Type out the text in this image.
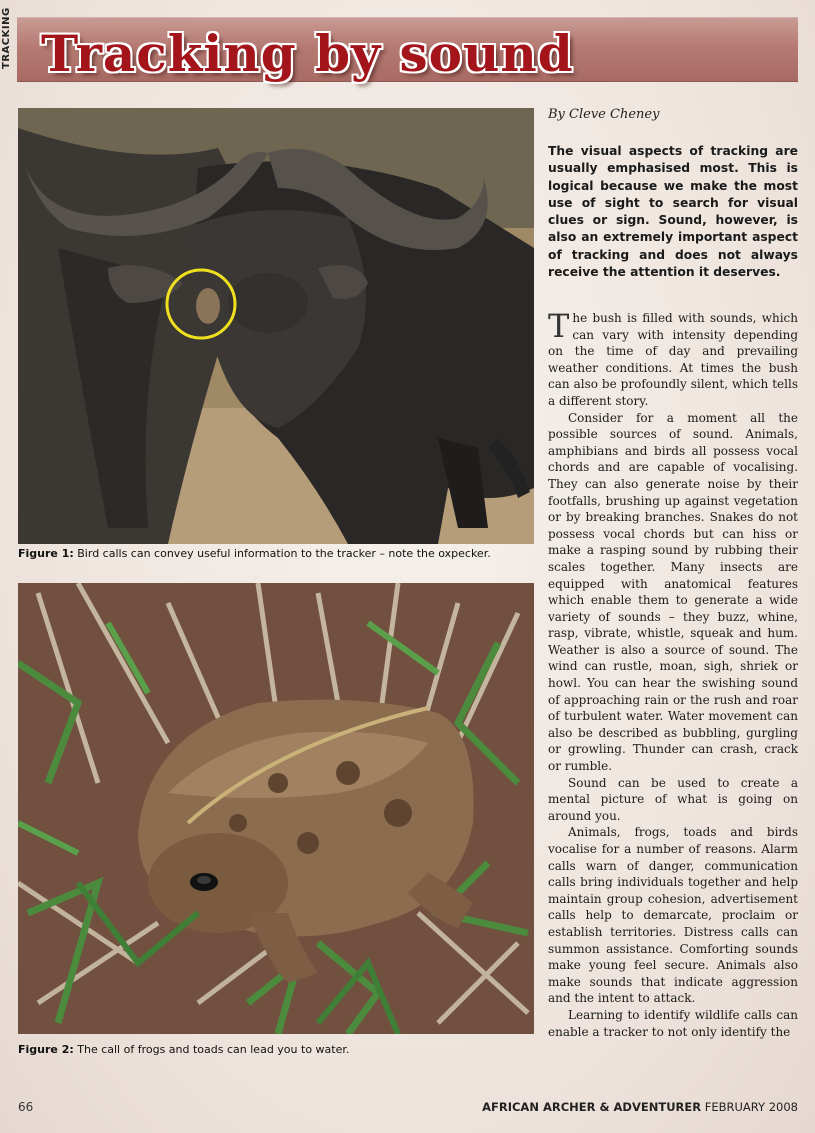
TRACKING Tracking by sound
Figure 1: Bird calls can convey useful information to the tracker – note the oxpecker.
Figure 2: The call of frogs and toads can lead you to water.
By Cleve Cheney
The visual aspects of tracking are usually emphasised most. This is logical because we make the most use of sight to search for visual clues or sign. Sound, however, is also an extremely important aspect of tracking and does not always receive the attention it deserves.

The bush is filled with sounds, which can vary with intensity depending on the time of day and prevailing weather conditions. At times the bush can also be profoundly silent, which tells a different story.

Consider for a moment all the possible sources of sound. Animals, amphibians and birds all possess vocal chords and are capable of vocalising. They can also generate noise by their footfalls, brushing up against vegetation or by breaking branches. Snakes do not possess vocal chords but can hiss or make a rasping sound by rubbing their scales together. Many insects are equipped with anatomical features which enable them to generate a wide variety of sounds – they buzz, whine, rasp, vibrate, whistle, squeak and hum. Weather is also a source of sound. The wind can rustle, moan, sigh, shriek or howl. You can hear the swishing sound of approaching rain or the rush and roar of turbulent water. Water movement can also be described as bubbling, gurgling or growling. Thunder can crash, crack or rumble.

Sound can be used to create a mental picture of what is going on around you.

Animals, frogs, toads and birds vocalise for a number of reasons. Alarm calls warn of danger, communication calls bring individuals together and help maintain group cohesion, advertisement calls help to demarcate, proclaim or establish territories. Distress calls can summon assistance. Comforting sounds make young feel secure. Animals also make sounds that indicate aggression and the intent to attack.

Learning to identify wildlife calls can enable a tracker to not only identify the

66	AFRICAN ARCHER & ADVENTURER FEBRUARY 2008
